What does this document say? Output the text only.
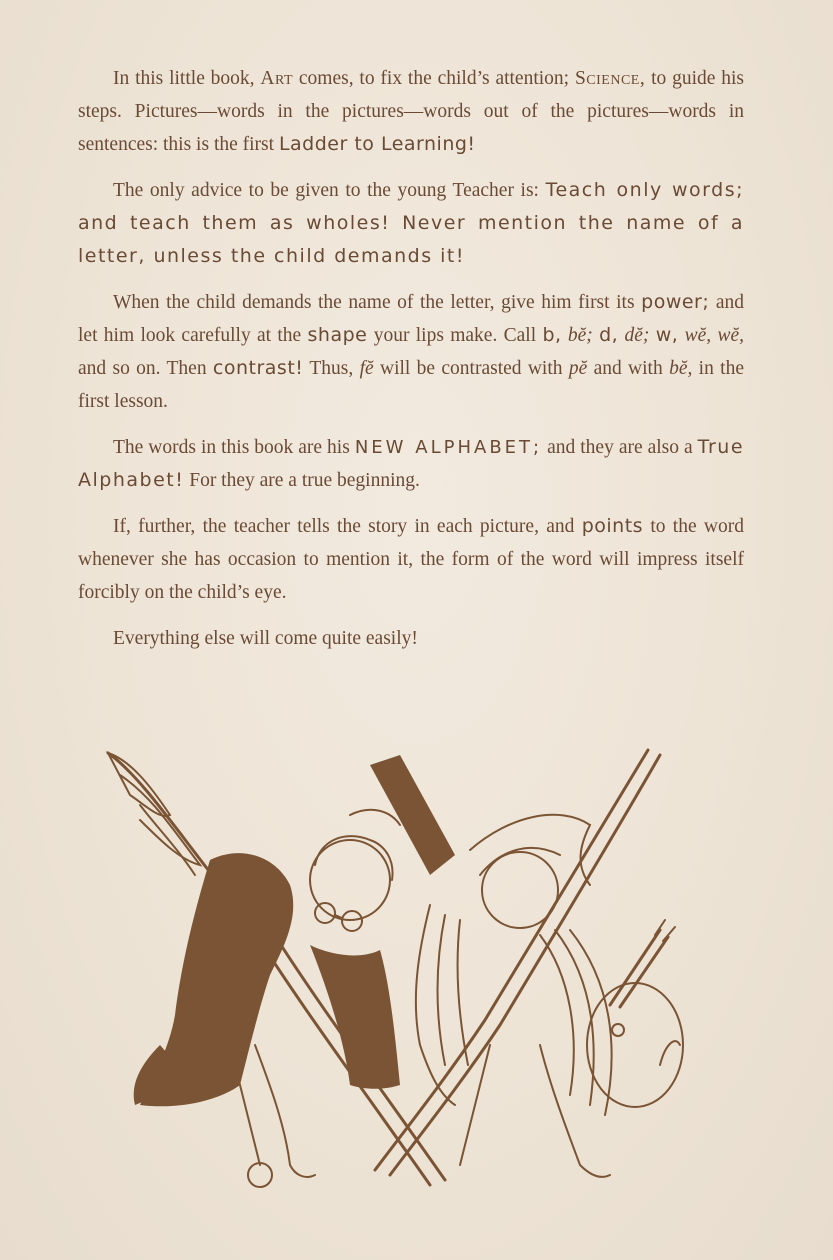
In this little book, Art comes, to fix the child’s attention; Science, to guide his steps. Pictures—words in the pictures—words out of the pictures—words in sentences: this is the first Ladder to Learning!

The only advice to be given to the young Teacher is: Teach only words; and teach them as wholes! Never mention the name of a letter, unless the child demands it!

When the child demands the name of the letter, give him first its power; and let him look carefully at the shape your lips make. Call b, bĕ; d, dĕ; w, wĕ, wĕ, and so on. Then contrast! Thus, fĕ will be contrasted with pĕ and with bĕ, in the first lesson.

The words in this book are his NEW ALPHABET; and they are also a True Alphabet! For they are a true beginning.

If, further, the teacher tells the story in each picture, and points to the word whenever she has occasion to mention it, the form of the word will impress itself forcibly on the child’s eye.

Everything else will come quite easily!
